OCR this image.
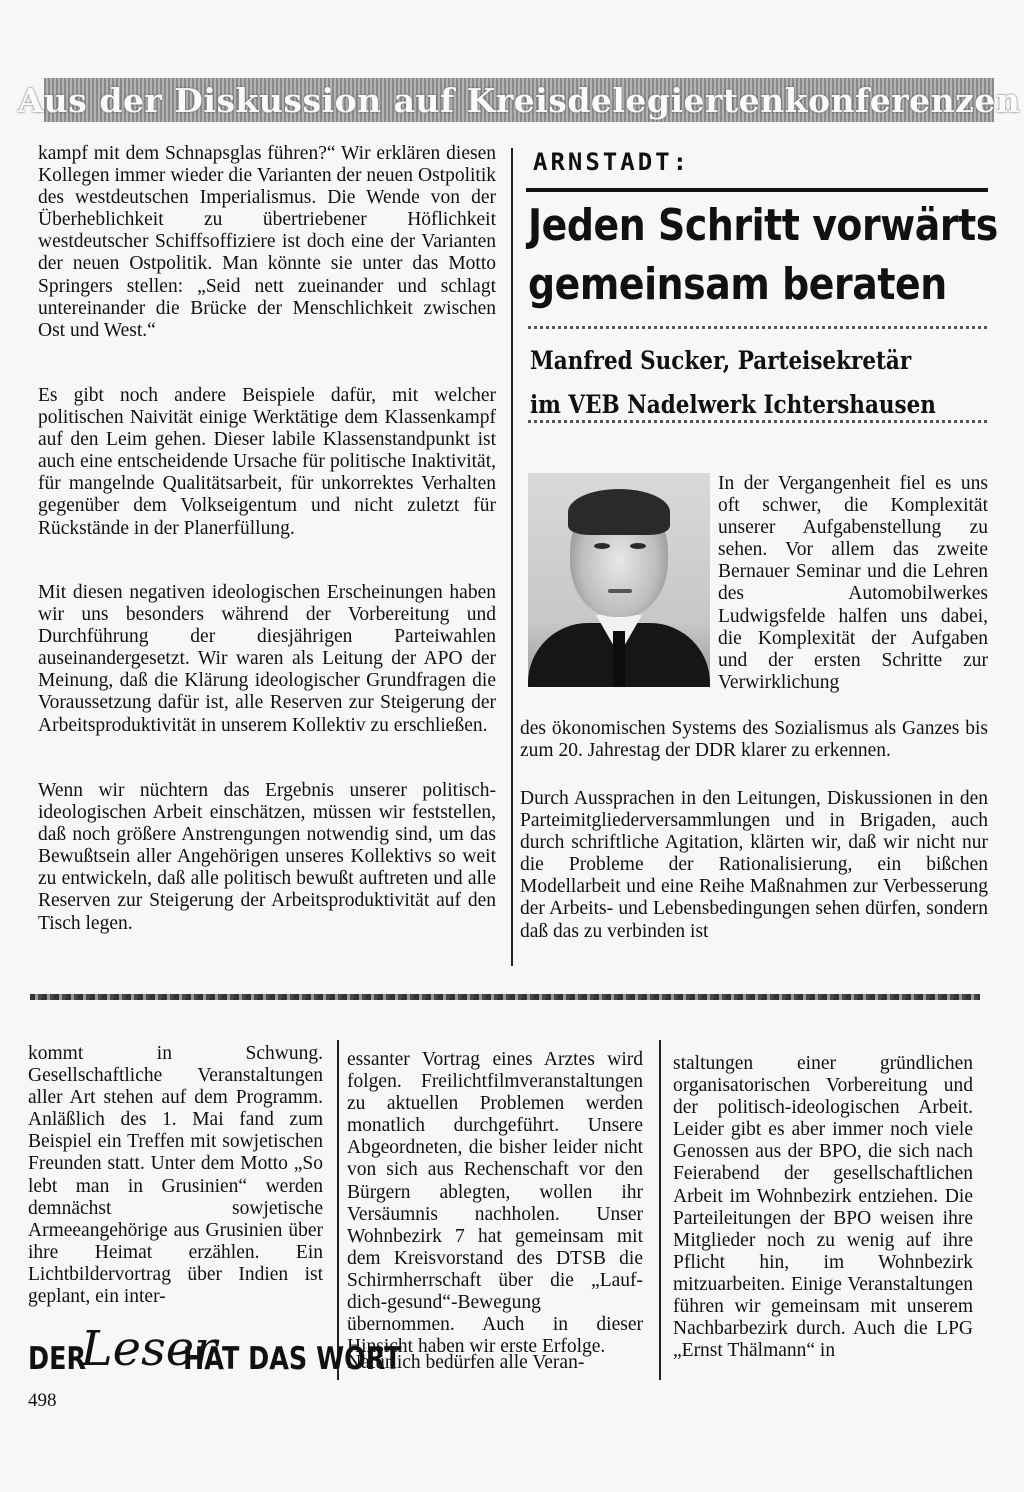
Aus der Diskussion auf Kreisdelegiertenkonferenzen

kampf mit dem Schnapsglas führen?“ Wir erklären diesen Kollegen immer wieder die Varianten der neuen Ostpolitik des westdeutschen Imperialismus. Die Wende von der Überheblichkeit zu übertriebener Höflichkeit westdeutscher Schiffsoffiziere ist doch eine der Varianten der neuen Ostpolitik. Man könnte sie unter das Motto Springers stellen: „Seid nett zueinander und schlagt untereinander die Brücke der Menschlichkeit zwischen Ost und West.“

Es gibt noch andere Beispiele dafür, mit welcher politischen Naivität einige Werktätige dem Klassenkampf auf den Leim gehen. Dieser labile Klassenstandpunkt ist auch eine entscheidende Ursache für politische Inaktivität, für mangelnde Qualitätsarbeit, für unkorrektes Verhalten gegenüber dem Volkseigentum und nicht zuletzt für Rückstände in der Planerfüllung.

Mit diesen negativen ideologischen Erscheinungen haben wir uns besonders während der Vorbereitung und Durchführung der diesjährigen Parteiwahlen auseinandergesetzt. Wir waren als Leitung der APO der Meinung, daß die Klärung ideologischer Grundfragen die Voraussetzung dafür ist, alle Reserven zur Steigerung der Arbeitsproduktivität in unserem Kollektiv zu erschließen.

Wenn wir nüchtern das Ergebnis unserer politisch-ideologischen Arbeit einschätzen, müssen wir feststellen, daß noch größere Anstrengungen notwendig sind, um das Bewußtsein aller Angehörigen unseres Kollektivs so weit zu entwickeln, daß alle politisch bewußt auftreten und alle Reserven zur Steigerung der Arbeitsproduktivität auf den Tisch legen.

ARNSTADT:
Jeden Schritt vorwärts
gemeinsam beraten
Manfred Sucker, Parteisekretär
im VEB Nadelwerk Ichtershausen

In der Vergangenheit fiel es uns oft schwer, die Komplexität unserer Aufgabenstellung zu sehen. Vor allem das zweite Bernauer Seminar und die Lehren des Automobilwerkes Ludwigsfelde halfen uns dabei, die Komplexität der Aufgaben und der ersten Schritte zur Verwirklichung

des ökonomischen Systems des Sozialismus als Ganzes bis zum 20. Jahrestag der DDR klarer zu erkennen.

Durch Aussprachen in den Leitungen, Diskussionen in den Parteimitgliederversammlungen und in Brigaden, auch durch schriftliche Agitation, klärten wir, daß wir nicht nur die Probleme der Rationalisierung, ein bißchen Modellarbeit und eine Reihe Maßnahmen zur Verbesserung der Arbeits- und Lebensbedingungen sehen dürfen, sondern daß das zu verbinden ist

kommt in Schwung. Gesellschaftliche Veranstaltungen aller Art stehen auf dem Programm. Anläßlich des 1. Mai fand zum Beispiel ein Treffen mit sowjetischen Freunden statt. Unter dem Motto „So lebt man in Grusinien“ werden demnächst sowjetische Armeeangehörige aus Grusinien über ihre Heimat erzählen. Ein Lichtbildervortrag über Indien ist geplant, ein inter-

essanter Vortrag eines Arztes wird folgen. Freilichtfilmveranstaltungen zu aktuellen Problemen werden monatlich durchgeführt. Unsere Abgeordneten, die bisher leider nicht von sich aus Rechenschaft vor den Bürgern ablegten, wollen ihr Versäumnis nachholen. Unser Wohnbezirk 7 hat gemeinsam mit dem Kreisvorstand des DTSB die Schirmherrschaft über die „Lauf-dich-gesund“-Bewegung übernommen. Auch in dieser Hinsicht haben wir erste Erfolge.

Natürlich bedürfen alle Veran-

staltungen einer gründlichen organisatorischen Vorbereitung und der politisch-ideologischen Arbeit. Leider gibt es aber immer noch viele Genossen aus der BPO, die sich nach Feierabend der gesellschaftlichen Arbeit im Wohnbezirk entziehen. Die Parteileitungen der BPO weisen ihre Mitglieder noch zu wenig auf ihre Pflicht hin, im Wohnbezirk mitzuarbeiten. Einige Veranstaltungen führen wir gemeinsam mit unserem Nachbarbezirk durch. Auch die LPG „Ernst Thälmann“ in

DER
Leser
HAT DAS WORT
498
